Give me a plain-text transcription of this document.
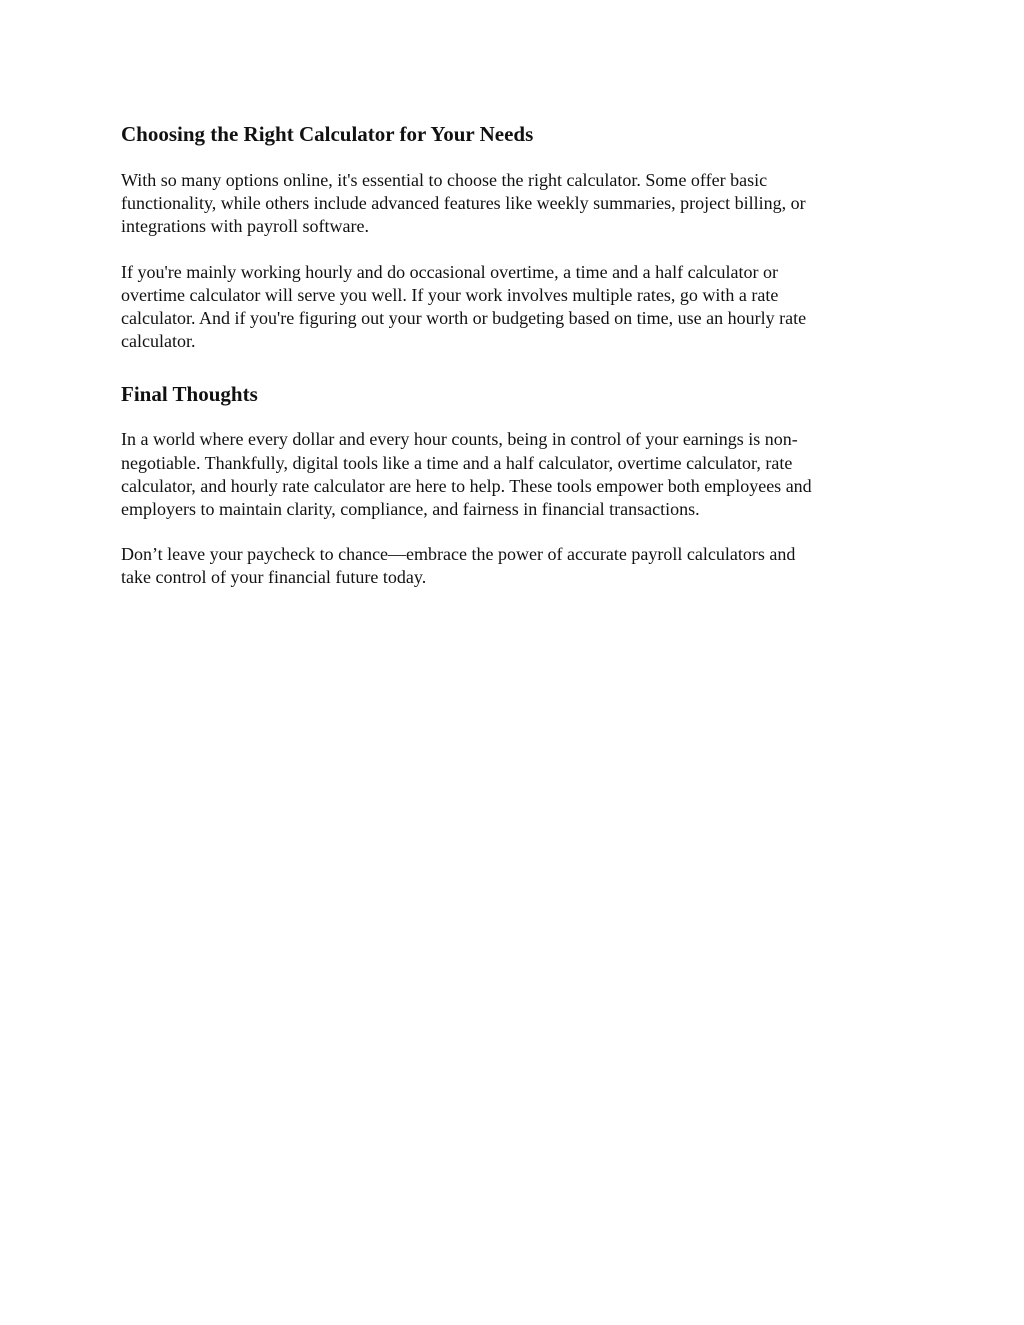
Choosing the Right Calculator for Your Needs

With so many options online, it's essential to choose the right calculator. Some offer basic
functionality, while others include advanced features like weekly summaries, project billing, or
integrations with payroll software.

If you're mainly working hourly and do occasional overtime, a time and a half calculator or
overtime calculator will serve you well. If your work involves multiple rates, go with a rate
calculator. And if you're figuring out your worth or budgeting based on time, use an hourly rate
calculator.

Final Thoughts

In a world where every dollar and every hour counts, being in control of your earnings is non-
negotiable. Thankfully, digital tools like a time and a half calculator, overtime calculator, rate
calculator, and hourly rate calculator are here to help. These tools empower both employees and
employers to maintain clarity, compliance, and fairness in financial transactions.

Don’t leave your paycheck to chance—embrace the power of accurate payroll calculators and
take control of your financial future today.
